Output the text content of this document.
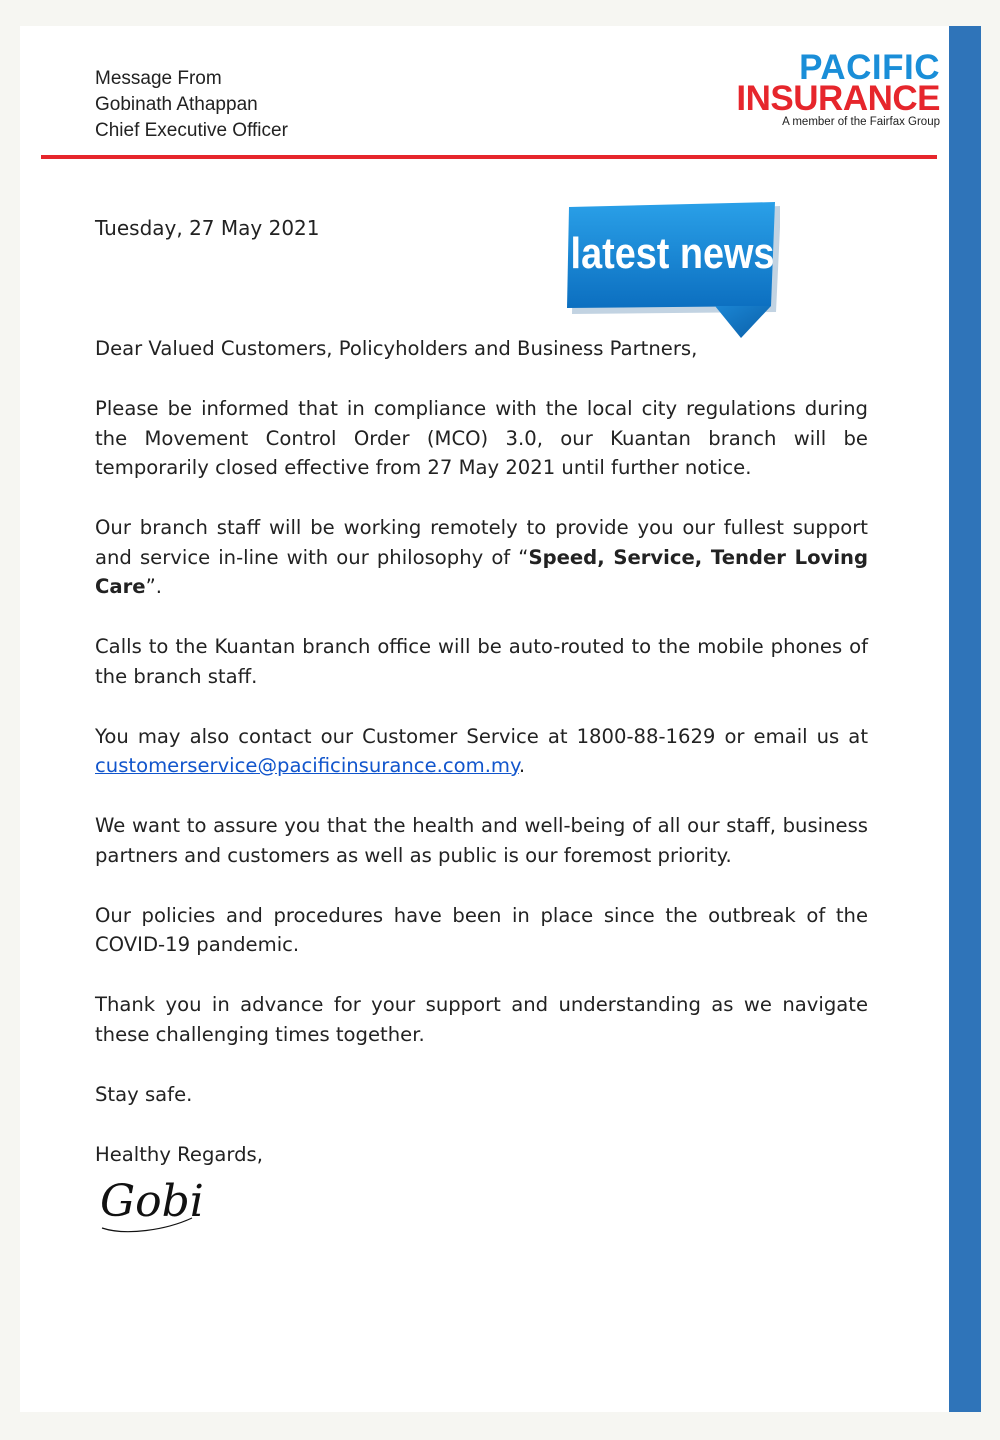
Message From
Gobinath Athappan
Chief Executive Officer
PACIFIC
INSURANCE
A member of the Fairfax Group
Tuesday, 27 May 2021
latest news

Dear Valued Customers, Policyholders and Business Partners,

Please be informed that in compliance with the local city regulations during the Movement Control Order (MCO) 3.0, our Kuantan branch will be temporarily closed effective from 27 May 2021 until further notice.

Our branch staff will be working remotely to provide you our fullest support and service in-line with our philosophy of “Speed, Service, Tender Loving Care”.

Calls to the Kuantan branch office will be auto-routed to the mobile phones of the branch staff.

You may also contact our Customer Service at 1800-88-1629 or email us at customerservice@pacificinsurance.com.my.

We want to assure you that the health and well-being of all our staff, business partners and customers as well as public is our foremost priority.

Our policies and procedures have been in place since the outbreak of the COVID-19 pandemic.

Thank you in advance for your support and understanding as we navigate these challenging times together.

Stay safe.

Healthy Regards,

Gobi
